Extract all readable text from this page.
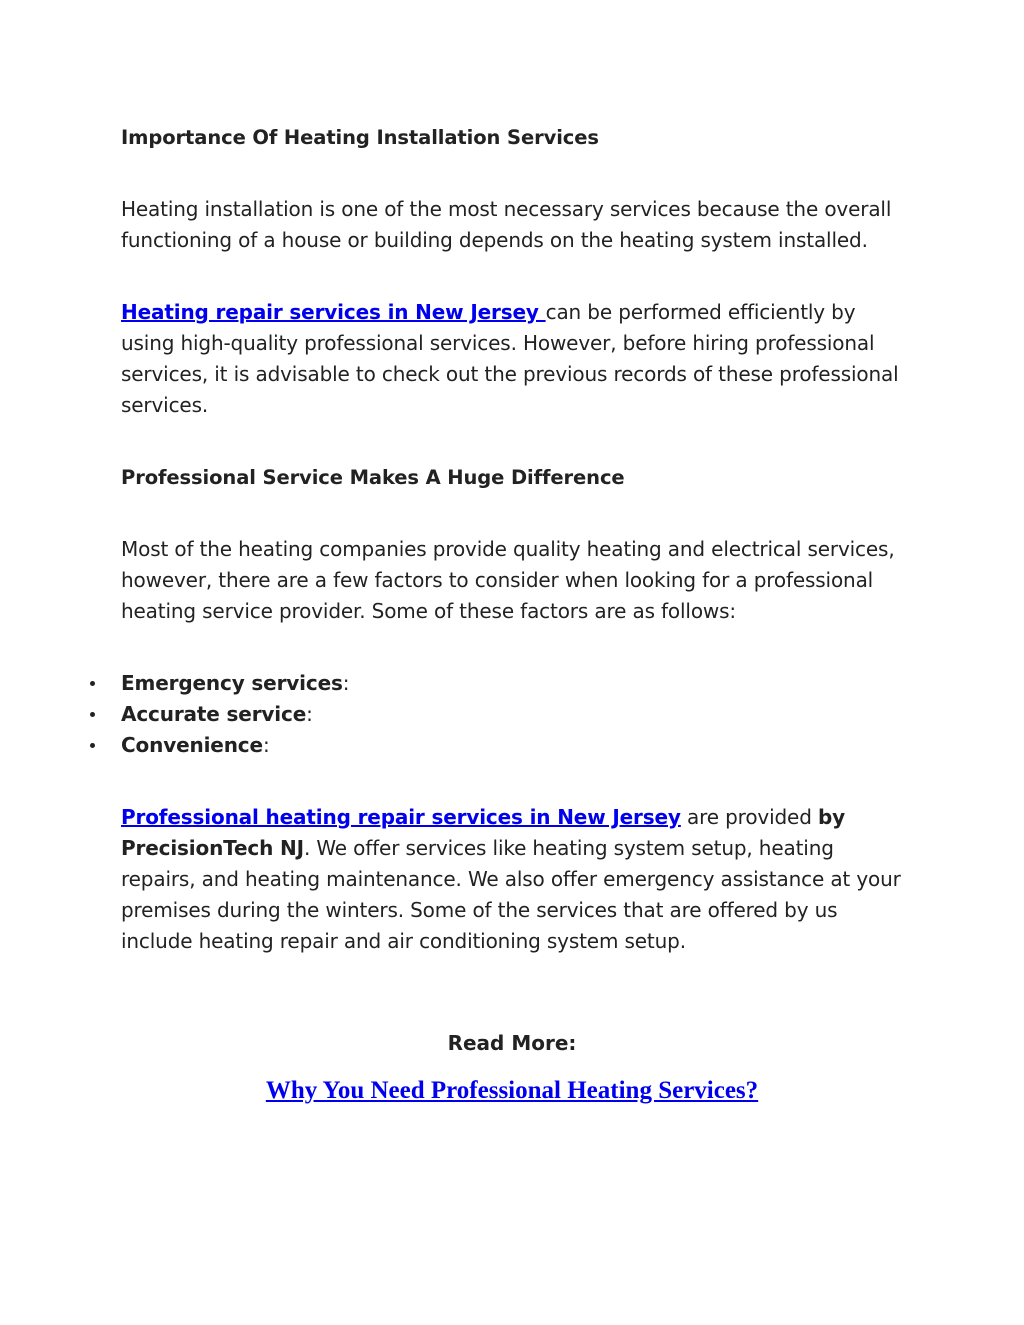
Importance Of Heating Installation Services

Heating installation is one of the most necessary services because the overall functioning of a house or building depends on the heating system installed.

Heating repair services in New Jersey can be performed efficiently by using high-quality professional services. However, before hiring professional services, it is advisable to check out the previous records of these professional services.

Professional Service Makes A Huge Difference

Most of the heating companies provide quality heating and electrical services, however, there are a few factors to consider when looking for a professional heating service provider. Some of these factors are as follows:

Emergency services:
Accurate service:
Convenience:

Professional heating repair services in New Jersey are provided by PrecisionTech NJ. We offer services like heating system setup, heating repairs, and heating maintenance. We also offer emergency assistance at your premises during the winters. Some of the services that are offered by us include heating repair and air conditioning system setup.

Read More:
Why You Need Professional Heating Services?
